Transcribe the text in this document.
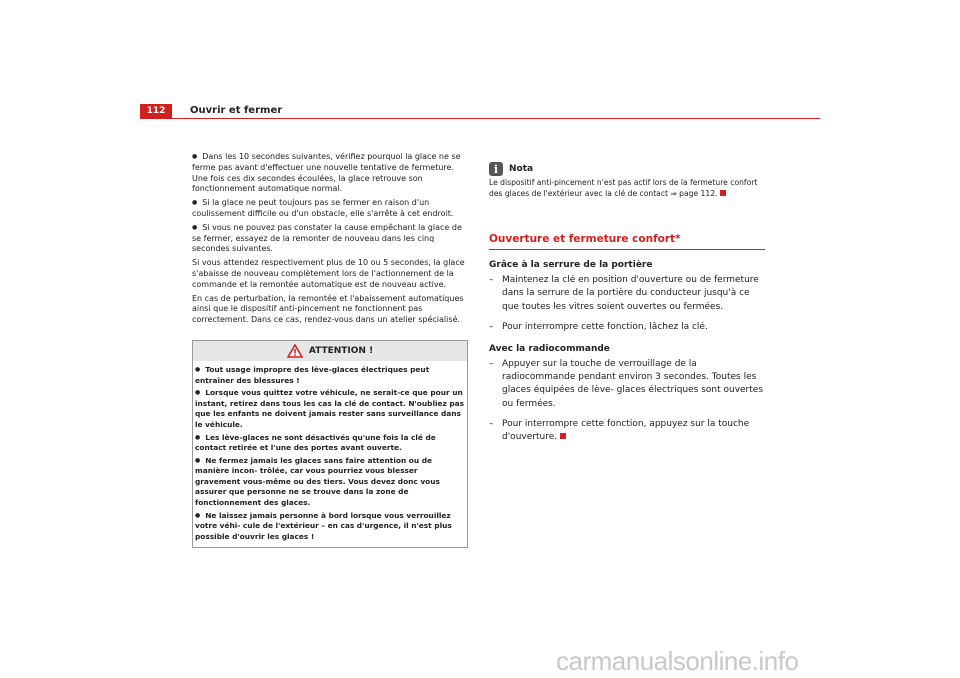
112	Ouvrir et fermer

● Dans les 10 secondes suivantes, vérifiez pourquoi la glace ne se ferme pas avant d'effectuer une nouvelle tentative de fermeture. Une fois ces dix secondes écoulées, la glace retrouve son fonctionnement automatique normal.

● Si la glace ne peut toujours pas se fermer en raison d'un coulissement difficile ou d'un obstacle, elle s'arrête à cet endroit.

● Si vous ne pouvez pas constater la cause empêchant la glace de se fermer, essayez de la remonter de nouveau dans les cinq secondes suivantes.

Si vous attendez respectivement plus de 10 ou 5 secondes, la glace s'abaisse de nouveau complètement lors de l'actionnement de la commande et la remontée automatique est de nouveau active.

En cas de perturbation, la remontée et l'abaissement automatiques ainsi que le dispositif anti-pincement ne fonctionnent pas correctement. Dans ce cas, rendez-vous dans un atelier spécialisé.

ATTENTION !

● Tout usage impropre des lève-glaces électriques peut entraîner des blessures !

● Lorsque vous quittez votre véhicule, ne serait-ce que pour un instant, retirez dans tous les cas la clé de contact. N'oubliez pas que les enfants ne doivent jamais rester sans surveillance dans le véhicule.

● Les lève-glaces ne sont désactivés qu'une fois la clé de contact retirée et l'une des portes avant ouverte.

● Ne fermez jamais les glaces sans faire attention ou de manière incon- trôlée, car vous pourriez vous blesser gravement vous-même ou des tiers. Vous devez donc vous assurer que personne ne se trouve dans la zone de fonctionnement des glaces.

● Ne laissez jamais personne à bord lorsque vous verrouillez votre véhi- cule de l'extérieur – en cas d'urgence, il n'est plus possible d'ouvrir les glaces !

i	Nota

Le dispositif anti-pincement n'est pas actif lors de la fermeture confort des glaces de l'extérieur avec la clé de contact ⇒ page 112.

Ouverture et fermeture confort*
Grâce à la serrure de la portière
– Maintenez la clé en position d'ouverture ou de fermeture dans la serrure de la portière du conducteur jusqu'à ce que toutes les vitres soient ouvertes ou fermées.
– Pour interrompre cette fonction, lâchez la clé.
Avec la radiocommande
– Appuyer sur la touche de verrouillage de la radiocommande pendant environ 3 secondes. Toutes les glaces équipées de lève- glaces électriques sont ouvertes ou fermées.
– Pour interrompre cette fonction, appuyez sur la touche d'ouverture.
carmanualsonline.info
